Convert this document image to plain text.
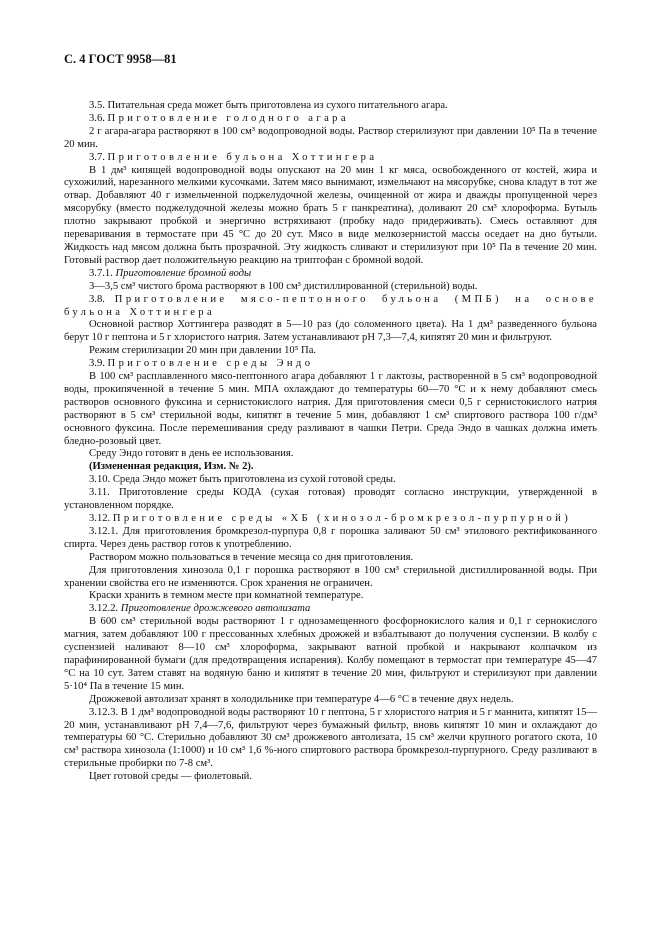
С. 4 ГОСТ 9958—81

3.5. Питательная среда может быть приготовлена из сухого питательного агара.

3.6. Приготовление голодного агара

2 г агара-агара растворяют в 100 см³ водопроводной воды. Раствор стерилизуют при давлении 10⁵ Па в течение 20 мин.

3.7. Приготовление бульона Хоттингера

В 1 дм³ кипящей водопроводной воды опускают на 20 мин 1 кг мяса, освобожденного от костей, жира и сухожилий, нарезанного мелкими кусочками. Затем мясо вынимают, измельчают на мясорубке, снова кладут в тот же отвар. Добавляют 40 г измельченной поджелудочной железы, очищенной от жира и дважды пропущенной через мясорубку (вместо поджелудочной железы можно брать 5 г панкреатина), доливают 20 см³ хлороформа. Бутыль плотно закрывают пробкой и энергично встряхивают (пробку надо придерживать). Смесь оставляют для переваривания в термостате при 45 °С до 20 сут. Мясо в виде мелкозернистой массы оседает на дно бутыли. Жидкость над мясом должна быть прозрачной. Эту жидкость сливают и стерилизуют при 10⁵ Па в течение 20 мин. Готовый раствор дает положительную реакцию на триптофан с бромной водой.

3.7.1. Приготовление бромной воды

3—3,5 см³ чистого брома растворяют в 100 см³ дистиллированной (стерильной) воды.

3.8. Приготовление мясо-пептонного бульона (МПБ) на основе бульона Хоттингера

Основной раствор Хоттингера разводят в 5—10 раз (до соломенного цвета). На 1 дм³ разведенного бульона берут 10 г пептона и 5 г хлористого натрия. Затем устанавливают рН 7,3—7,4, кипятят 20 мин и фильтруют.

Режим стерилизации 20 мин при давлении 10⁵ Па.

3.9. Приготовление среды Эндо

В 100 см³ расплавленного мясо-пептонного агара добавляют 1 г лактозы, растворенной в 5 см³ водопроводной воды, прокипяченной в течение 5 мин. МПА охлаждают до температуры 60—70 °С и к нему добавляют смесь растворов основного фуксина и сернистокислого натрия. Для приготовления смеси 0,5 г сернистокислого натрия растворяют в 5 см³ стерильной воды, кипятят в течение 5 мин, добавляют 1 см³ спиртового раствора 100 г/дм³ основного фуксина. После перемешивания среду разливают в чашки Петри. Среда Эндо в чашках должна иметь бледно-розовый цвет.

Среду Эндо готовят в день ее использования.

(Измененная редакция, Изм. № 2).

3.10. Среда Эндо может быть приготовлена из сухой готовой среды.

3.11. Приготовление среды КОДА (сухая готовая) проводят согласно инструкции, утвержденной в установленном порядке.

3.12. Приготовление среды «ХБ (хинозол-бромкрезол-пурпурной)

3.12.1. Для приготовления бромкрезол-пурпура 0,8 г порошка заливают 50 см³ этилового ректификованного спирта. Через день раствор готов к употреблению.

Раствором можно пользоваться в течение месяца со дня приготовления.

Для приготовления хинозола 0,1 г порошка растворяют в 100 см³ стерильной дистиллированной воды. При хранении свойства его не изменяются. Срок хранения не ограничен.

Краски хранить в темном месте при комнатной температуре.

3.12.2. Приготовление дрожжевого автолизата

В 600 см³ стерильной воды растворяют 1 г однозамещенного фосфорнокислого калия и 0,1 г сернокислого магния, затем добавляют 100 г прессованных хлебных дрожжей и взбалтывают до получения суспензии. В колбу с суспензией наливают 8—10 см³ хлороформа, закрывают ватной пробкой и накрывают колпачком из парафинированной бумаги (для предотвращения испарения). Колбу помещают в термостат при температуре 45—47 °С на 10 сут. Затем ставят на водяную баню и кипятят в течение 20 мин, фильтруют и стерилизуют при давлении 5·10⁴ Па в течение 15 мин.

Дрожжевой автолизат хранят в холодильнике при температуре 4—6 °С в течение двух недель.

3.12.3. В 1 дм³ водопроводной воды растворяют 10 г пептона, 5 г хлористого натрия и 5 г маннита, кипятят 15—20 мин, устанавливают рН 7,4—7,6, фильтруют через бумажный фильтр, вновь кипятят 10 мин и охлаждают до температуры 60 °С. Стерильно добавляют 30 см³ дрожжевого автолизата, 15 см³ желчи крупного рогатого скота, 10 см³ раствора хинозола (1:1000) и 10 см³ 1,6 %-ного спиртового раствора бромкрезол-пурпурного. Среду разливают в стерильные пробирки по 7-8 см³.

Цвет готовой среды — фиолетовый.
